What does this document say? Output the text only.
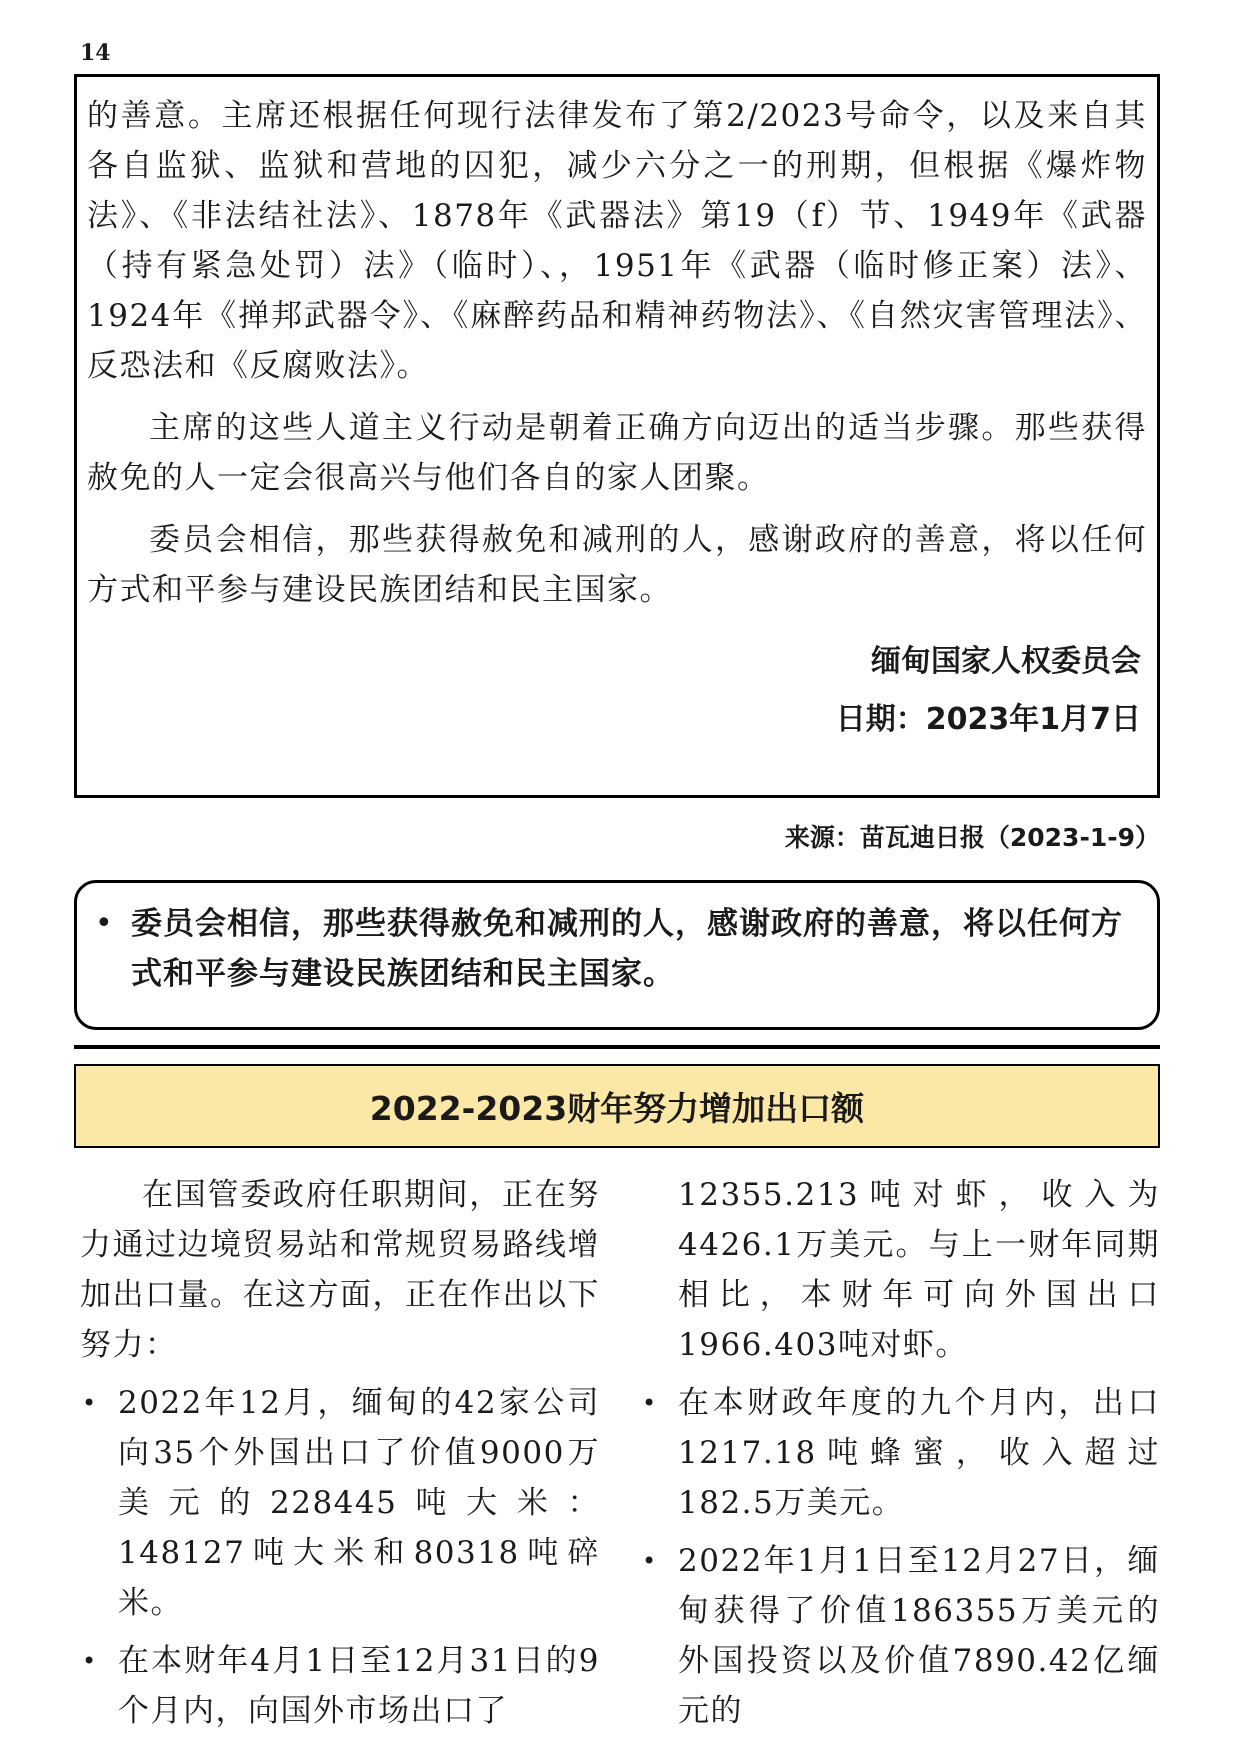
14

的善意。主席还根据任何现行法律发布了第2/2023号命令，以及来自其各自监狱、监狱和营地的囚犯，减少六分之一的刑期，但根据《爆炸物法》、《非法结社法》、1878年《武器法》第19（f）节、1949年《武器（持有紧急处罚）法》（临时）、，1951年《武器（临时修正案）法》、1924年《掸邦武器令》、《麻醉药品和精神药物法》、《自然灾害管理法》、反恐法和《反腐败法》。

主席的这些人道主义行动是朝着正确方向迈出的适当步骤。那些获得赦免的人一定会很高兴与他们各自的家人团聚。

委员会相信，那些获得赦免和减刑的人，感谢政府的善意，将以任何方式和平参与建设民族团结和民主国家。

缅甸国家人权委员会
日期：2023年1月7日
来源：苗瓦迪日报（2023-1-9）
• 委员会相信，那些获得赦免和减刑的人，感谢政府的善意，将以任何方式和平参与建设民族团结和民主国家。
2022-2023财年努力增加出口额

在国管委政府任职期间，正在努力通过边境贸易站和常规贸易路线增加出口量。在这方面，正在作出以下努力：

• 2022年12月，缅甸的42家公司向35个外国出口了价值9000万美元的228445吨大米：148127吨大米和80318吨碎米。
• 在本财年4月1日至12月31日的9个月内，向国外市场出口了

12355.213吨对虾，收入为4426.1万美元。与上一财年同期相比，本财年可向外国出口1966.403吨对虾。

• 在本财政年度的九个月内，出口1217.18吨蜂蜜，收入超过182.5万美元。
• 2022年1月1日至12月27日，缅甸获得了价值186355万美元的外国投资以及价值7890.42亿缅元的
